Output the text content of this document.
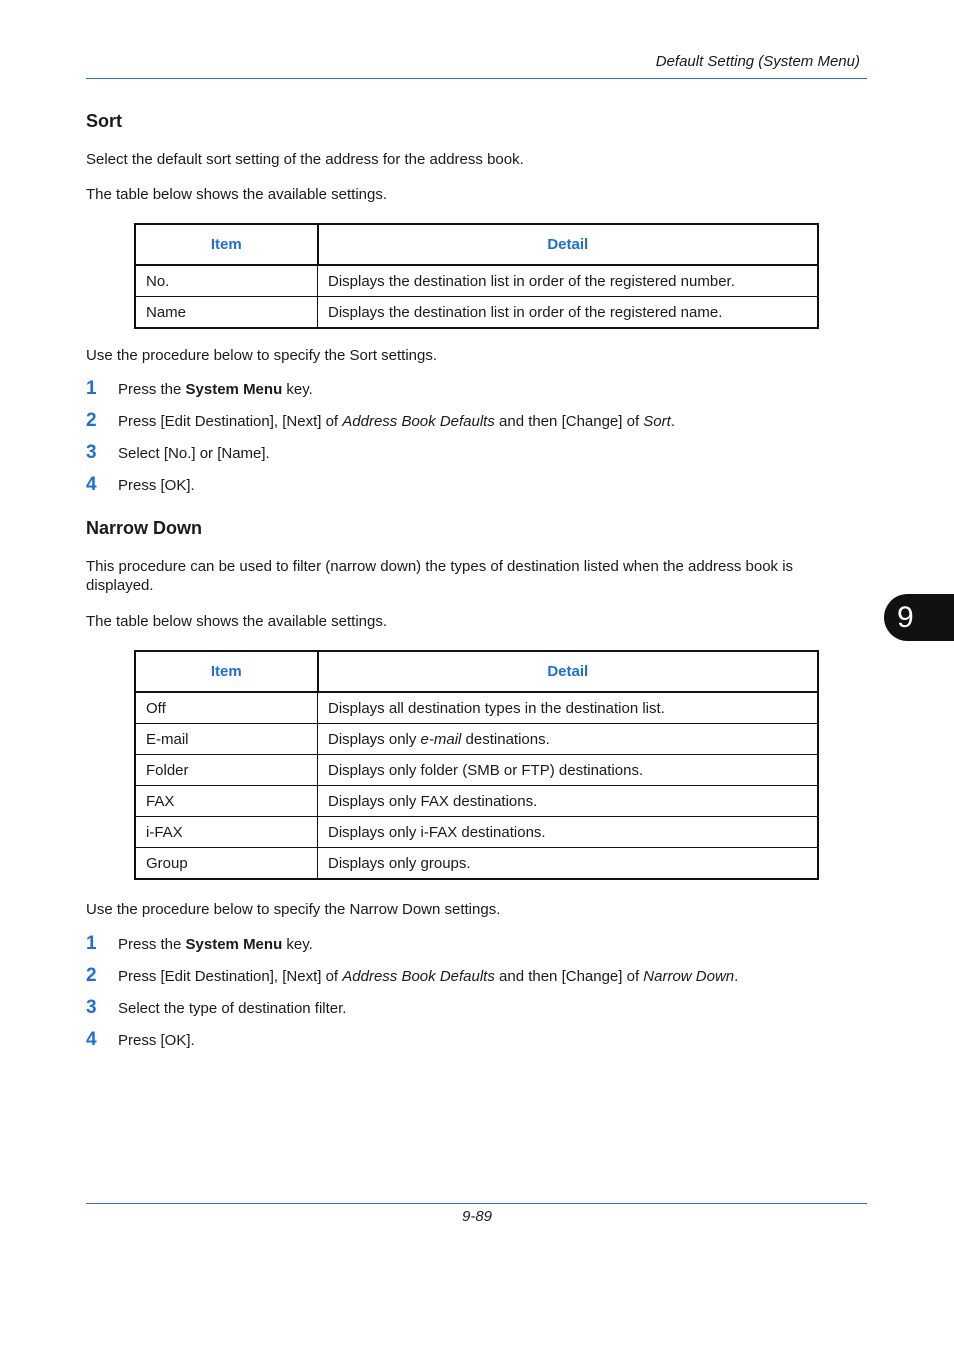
Default Setting (System Menu)
Sort
Select the default sort setting of the address for the address book.
The table below shows the available settings.
Item	Detail
No.	Displays the destination list in order of the registered number.
Name	Displays the destination list in order of the registered name.
Use the procedure below to specify the Sort settings.
1	Press the System Menu key.
2	Press [Edit Destination], [Next] of Address Book Defaults and then [Change] of Sort.
3	Select [No.] or [Name].
4	Press [OK].
Narrow Down
This procedure can be used to filter (narrow down) the types of destination listed when the address book is displayed.
The table below shows the available settings.
Item	Detail
Off	Displays all destination types in the destination list.
E-mail	Displays only e-mail destinations.
Folder	Displays only folder (SMB or FTP) destinations.
FAX	Displays only FAX destinations.
i-FAX	Displays only i-FAX destinations.
Group	Displays only groups.
Use the procedure below to specify the Narrow Down settings.
1	Press the System Menu key.
2	Press [Edit Destination], [Next] of Address Book Defaults and then [Change] of Narrow Down.
3	Select the type of destination filter.
4	Press [OK].
9
9-89
